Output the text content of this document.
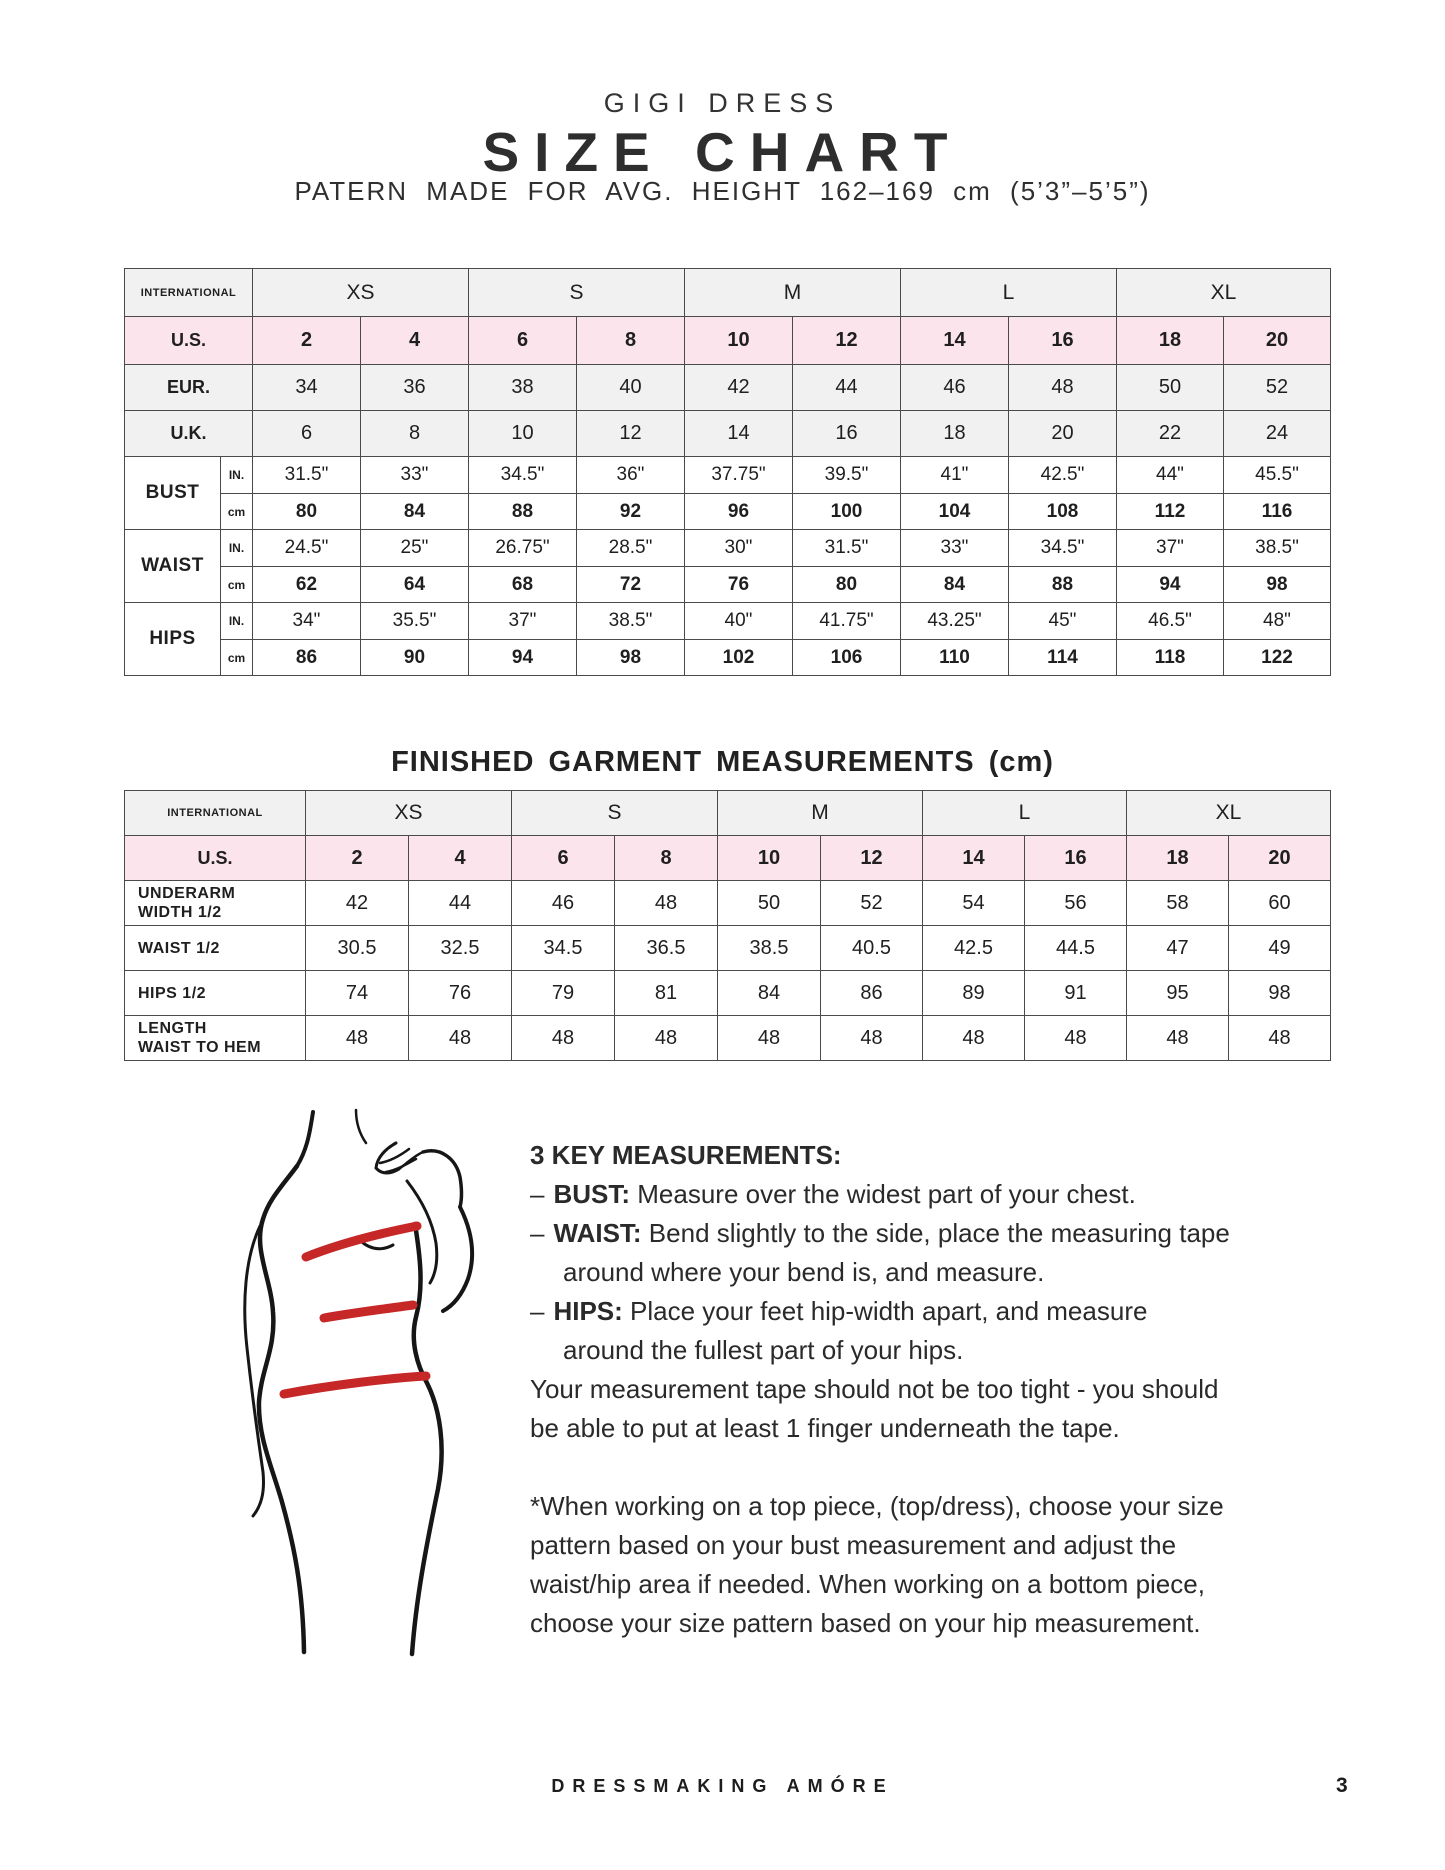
GIGI DRESS
SIZE CHART
PATERN MADE FOR AVG. HEIGHT 162–169 cm (5’3”–5’5”)
INTERNATIONAL		XS		S		M		L		XL	
U.S.		2	4	6	8	10	12	14	16	18	20
EUR.		34	36	38	40	42	44	46	48	50	52
U.K.		6	8	10	12	14	16	18	20	22	24
BUST	IN.	31.5"	33"	34.5"	36"	37.75"	39.5"	41"	42.5"	44"	45.5"
	cm	80	84	88	92	96	100	104	108	112	116
WAIST	IN.	24.5"	25"	26.75"	28.5"	30"	31.5"	33"	34.5"	37"	38.5"
	cm	62	64	68	72	76	80	84	88	94	98
HIPS	IN.	34"	35.5"	37"	38.5"	40"	41.75"	43.25"	45"	46.5"	48"
	cm	86	90	94	98	102	106	110	114	118	122
FINISHED GARMENT MEASUREMENTS (cm)
INTERNATIONAL	XS		S		M		L		XL	
U.S.	2	4	6	8	10	12	14	16	18	20

UNDERARM
WIDTH 1/2	42	44	46	48	50	52	54	56	58	60

WAIST 1/2	30.5	32.5	34.5	36.5	38.5	40.5	42.5	44.5	47	49

HIPS 1/2	74	76	79	81	84	86	89	91	95	98

LENGTH
WAIST TO HEM	48	48	48	48	48	48	48	48	48	48
3 KEY MEASUREMENTS:
– BUST: Measure over the widest part of your chest.
– WAIST: Bend slightly to the side, place the measuring tape around where your bend is, and measure.
– HIPS: Place your feet hip-width apart, and measure around the fullest part of your hips.
Your measurement tape should not be too tight - you should be able to put at least 1 finger underneath the tape.
*When working on a top piece, (top/dress), choose your size pattern based on your bust measurement and adjust the waist/hip area if needed. When working on a bottom piece, choose your size pattern based on your hip measurement.
DRESSMAKING AMÓRE	3
